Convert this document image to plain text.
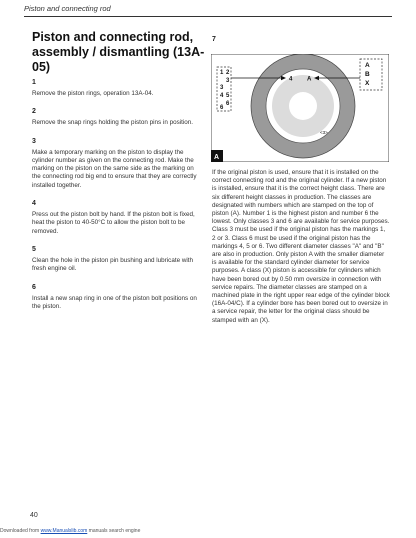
Piston and connecting rod
Piston and connecting rod, assembly / dismantling (13A-05)
1
Remove the piston rings, operation 13A-04.
2
Remove the snap rings holding the piston pins in position.
3
Make a temporary marking on the piston to display the cylinder number as given on the connecting rod. Make the marking on the piston on the same side as the marking on the connecting rod big end to ensure that they are correctly installed together.
4
Press out the piston bolt by hand. If the piston bolt is fixed, heat the piston to 40-50°C to allow the piston bolt to be removed.
5
Clean the hole in the piston pin bushing and lubricate with fresh engine oil.
6
Install a new snap ring in one of the piston bolt positions on the piston.
7
A
B
X
1 2
3
3
4 5
6
6
4 A
<3>
A
If the original piston is used, ensure that it is installed on the correct connecting rod and the original cylinder. If a new piston is installed, ensure that it is the correct height class. There are six different height classes in production. The classes are designated with numbers which are stamped on the top of piston (A). Number 1 is the highest piston and number 6 the lowest. Only classes 3 and 6 are available for service purposes. Class 3 must be used if the original piston has the markings 1, 2 or 3. Class 6 must be used if the original piston has the markings 4, 5 or 6. Two different diameter classes "A" and "B" are also in production. Only piston A with the smaller diameter is available for the standard cylinder diameter for service purposes. A class (X) piston is accessible for cylinders which have been bored out by 0.50 mm oversize in connection with service repairs. The diameter classes are stamped on a machined plate in the right upper rear edge of the cylinder block (16A-04/C). If a cylinder bore has been bored out to oversize in a service repair, the letter for the original class should be stamped with an (X).
40
Downloaded from www.Manualslib.com manuals search engine
